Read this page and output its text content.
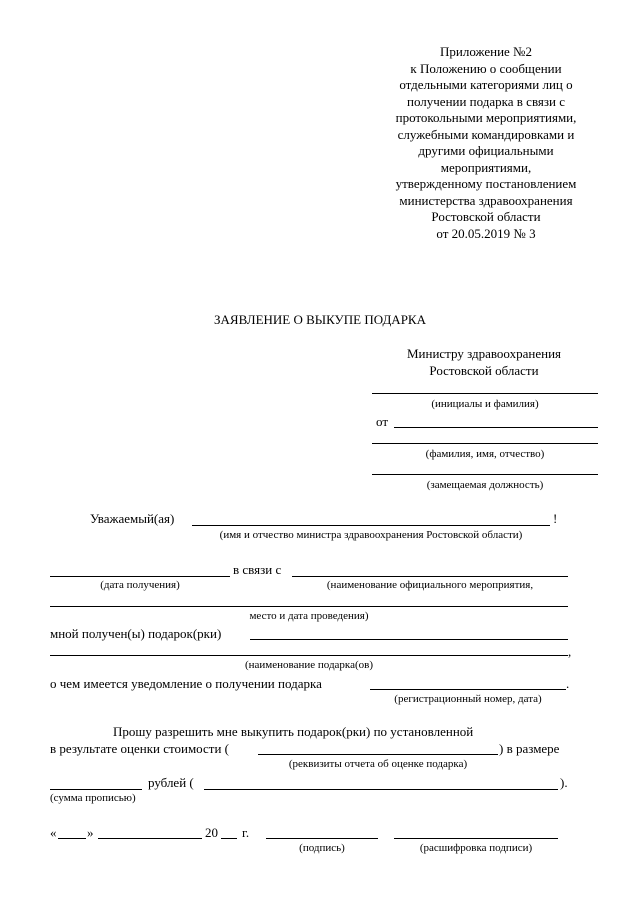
Приложение №2
к Положению о сообщении
отдельными категориями лиц о
получении подарка в связи с
протокольными мероприятиями,
служебными командировками и
другими официальными
мероприятиями,
утвержденному постановлением
министерства здравоохранения
Ростовской области
от 20.05.2019 № 3
ЗАЯВЛЕНИЕ О ВЫКУПЕ ПОДАРКА
Министру здравоохранения
Ростовской области
(инициалы и фамилия)
от
(фамилия, имя, отчество)
(замещаемая должность)
Уважаемый(ая)	!
(имя и отчество министра здравоохранения Ростовской области)
в связи с
(дата получения)	(наименование официального мероприятия,
место и дата проведения)
мной получен(ы) подарок(рки)
,
(наименование подарка(ов)
о чем имеется уведомление о получении подарка	.
(регистрационный номер, дата)
Прошу разрешить мне выкупить подарок(рки) по установленной
в результате оценки стоимости (	) в размере
(реквизиты отчета об оценке подарка)
рублей (	).
(сумма прописью)
« »	20 г.
(подпись)	(расшифровка подписи)
